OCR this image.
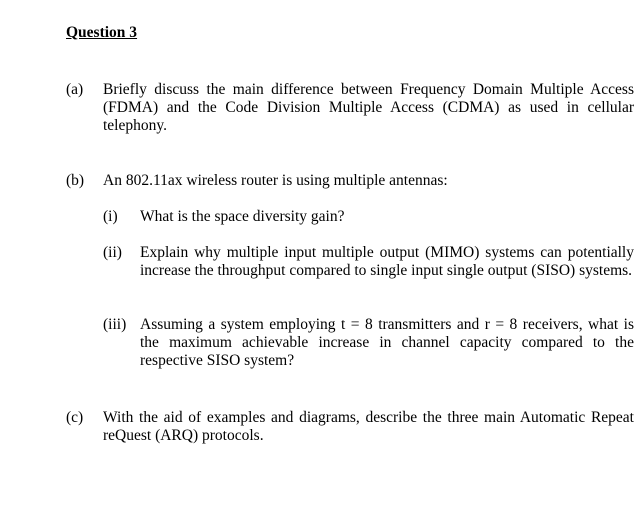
Question 3
(a) Briefly discuss the main difference between Frequency Domain Multiple Access (FDMA) and the Code Division Multiple Access (CDMA) as used in cellular telephony.
(b) An 802.11ax wireless router is using multiple antennas:
(i) What is the space diversity gain?
(ii) Explain why multiple input multiple output (MIMO) systems can potentially increase the throughput compared to single input single output (SISO) systems.
(iii) Assuming a system employing t = 8 transmitters and r = 8 receivers, what is the maximum achievable increase in channel capacity compared to the respective SISO system?
(c) With the aid of examples and diagrams, describe the three main Automatic Repeat reQuest (ARQ) protocols.
